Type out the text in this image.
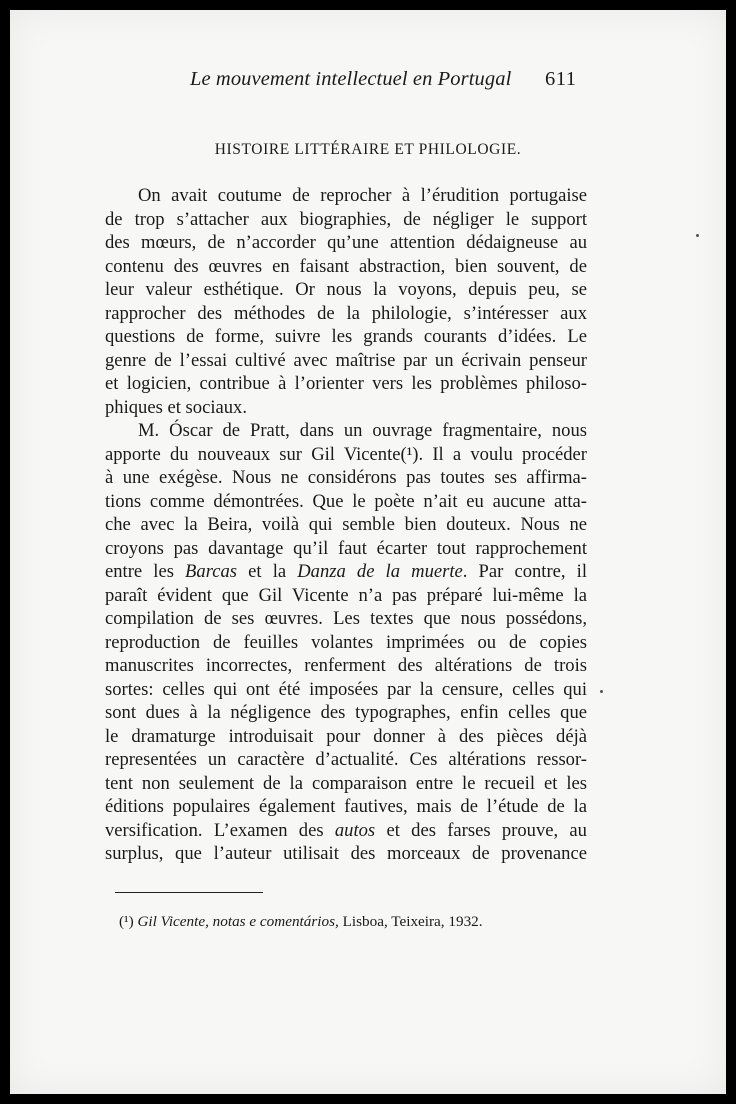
Le mouvement intellectuel en Portugal 611
HISTOIRE LITTÉRAIRE ET PHILOLOGIE.
On avait coutume de reprocher à l’érudition portugaise
de trop s’attacher aux biographies, de négliger le support
des mœurs, de n’accorder qu’une attention dédaigneuse au
contenu des œuvres en faisant abstraction, bien souvent, de
leur valeur esthétique. Or nous la voyons, depuis peu, se
rapprocher des méthodes de la philologie, s’intéresser aux
questions de forme, suivre les grands courants d’idées. Le
genre de l’essai cultivé avec maîtrise par un écrivain penseur
et logicien, contribue à l’orienter vers les problèmes philoso-
phiques et sociaux.
M. Óscar de Pratt, dans un ouvrage fragmentaire, nous
apporte du nouveaux sur Gil Vicente(¹). Il a voulu procéder
à une exégèse. Nous ne considérons pas toutes ses affirma-
tions comme démontrées. Que le poète n’ait eu aucune atta-
che avec la Beira, voilà qui semble bien douteux. Nous ne
croyons pas davantage qu’il faut écarter tout rapprochement
entre les Barcas et la Danza de la muerte. Par contre, il
paraît évident que Gil Vicente n’a pas préparé lui-même la
compilation de ses œuvres. Les textes que nous possédons,
reproduction de feuilles volantes imprimées ou de copies
manuscrites incorrectes, renferment des altérations de trois
sortes: celles qui ont été imposées par la censure, celles qui
sont dues à la négligence des typographes, enfin celles que
le dramaturge introduisait pour donner à des pièces déjà
representées un caractère d’actualité. Ces altérations ressor-
tent non seulement de la comparaison entre le recueil et les
éditions populaires également fautives, mais de l’étude de la
versification. L’examen des autos et des farses prouve, au
surplus, que l’auteur utilisait des morceaux de provenance
(¹) Gil Vicente, notas e comentários, Lisboa, Teixeira, 1932.
